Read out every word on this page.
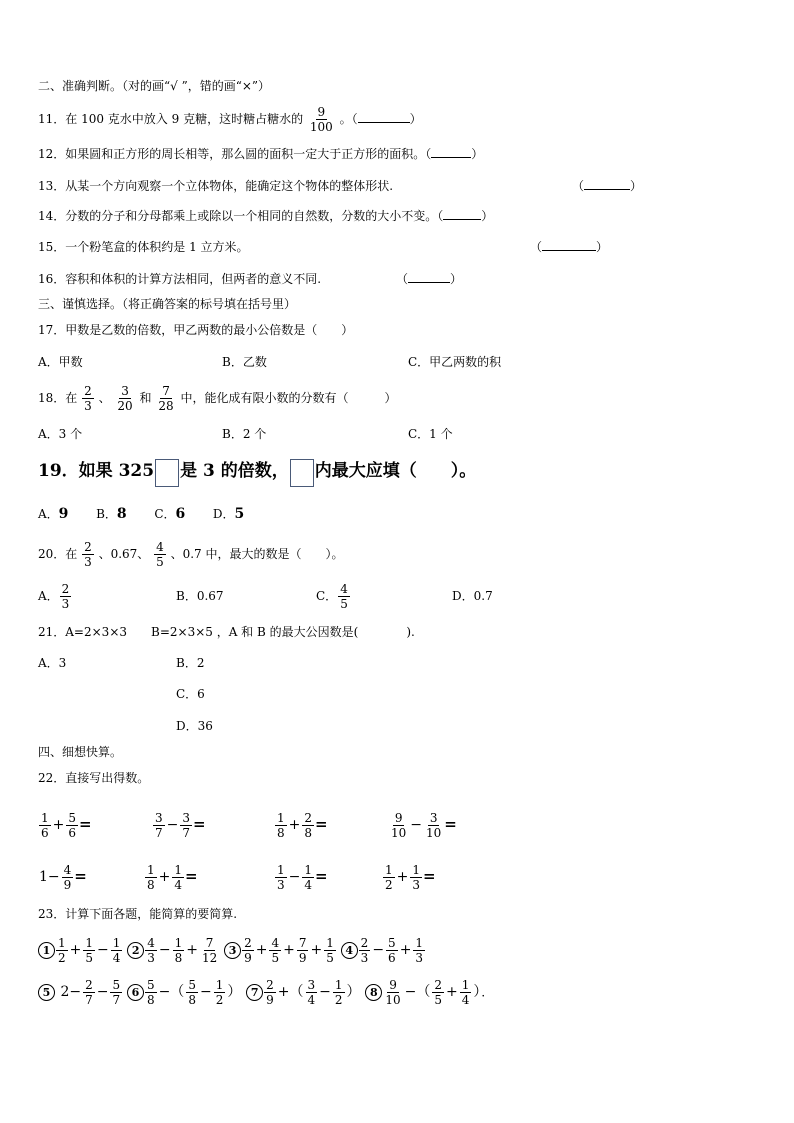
二、准确判断。（对的画“√ ”，错的画“×”）
11．在 100 克水中放入 9 克糖，这时糖占糖水的 $\frac{9}{100}$ 。（	）
12．如果圆和正方形的周长相等，那么圆的面积一定大于正方形的面积。（	）
13．从某一个方向观察一个立体物体，能确定这个物体的整体形状.	（	）
14．分数的分子和分母都乘上或除以一个相同的自然数，分数的大小不变。（	）
15．一个粉笔盒的体积约是 1 立方米。	（	）
16．容积和体积的计算方法相同，但两者的意义不同.	（	）
三、谨慎选择。（将正确答案的标号填在括号里）
17．甲数是乙数的倍数，甲乙两数的最小公倍数是（　　）
A．甲数	B．乙数	C．甲乙两数的积
18．在 $\frac{2}{3}$ 、 $\frac{3}{20}$ 和 $\frac{7}{28}$ 中，能化成有限小数的分数有（　　　）
A．3 个	B．2 个	C．1 个
19．如果 325 是 3 的倍数， 内最大应填（　　）。
A．9 B．8 C．6 D．5
20．在 $\frac{2}{3}$ 、0.67、 $\frac{4}{5}$ 、0.7 中，最大的数是（　　）。
A． $\frac{2}{3}$	B．0.67	C． $\frac{4}{5}$	D．0.7
21．A=2×3×3　　B=2×3×5 ，A 和 B 的最大公因数是(　　　　).
A．3	B．2
C．6
D．36
四、细想快算。
22．直接写出得数。
$\frac{1}{6} + \frac{5}{6}$ =	$\frac{3}{7} - \frac{3}{7}$ =	$\frac{1}{8} + \frac{2}{8}$ =	$\frac{9}{10} - \frac{3}{10}$ =
$1- \frac{4}{9}$ =	$\frac{1}{8} + \frac{1}{4}$ =	$\frac{1}{3} - \frac{1}{4}$ =	$\frac{1}{2} + \frac{1}{3}$ =
23．计算下面各题，能简算的要简算.
$1 \frac{1}{2} + \frac{1}{5} - \frac{1}{4} 2 \frac{4}{3} - \frac{1}{8} + \frac{7}{12} 3 \frac{2}{9} + \frac{4}{5} + \frac{7}{9} + \frac{1}{5} 4 \frac{2}{3} - \frac{5}{6} + \frac{1}{3}$
5 $2- \frac{2}{7} - \frac{5}{7} 6 \frac{5}{8}$ −（ $\frac{5}{8} - \frac{1}{2}$ ） $7 \frac{2}{9}$ +（ $\frac{3}{4} - \frac{1}{2}$ ） $8 \frac{9}{10}$ −（ $\frac{2}{5} + \frac{1}{4}$ ）．
